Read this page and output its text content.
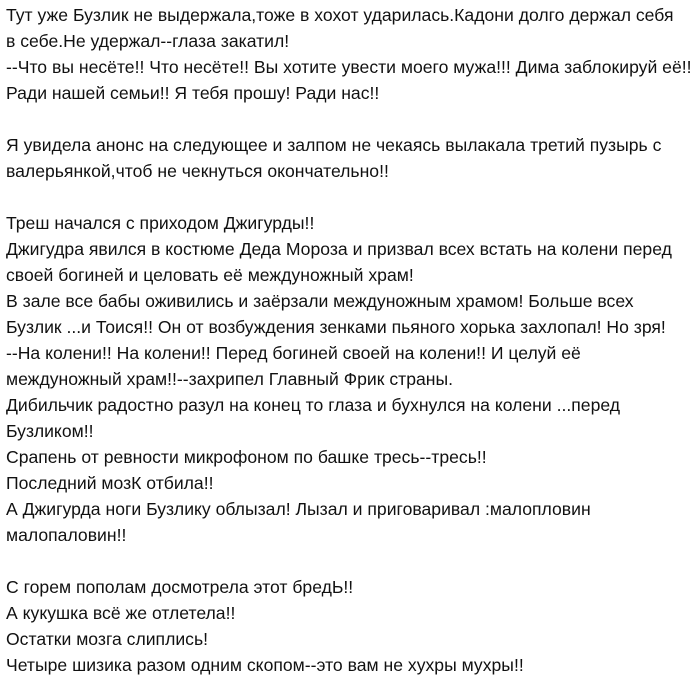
Тут уже Бузлик не выдержала,тоже в хохот ударилась.Кадони долго держал себя
в себе.Не удержал--глаза закатил!
--Что вы несёте!! Что несёте!! Вы хотите увести моего мужа!!! Дима заблокируй её!!
Ради нашей семьи!! Я тебя прошу! Ради нас!!
Я увидела анонс на следующее и залпом не чекаясь вылакала третий пузырь с
валерьянкой,чтоб не чекнуться окончательно!!
Треш начался с приходом Джигурды!!
Джигудра явился в костюме Деда Мороза и призвал всех встать на колени перед
своей богиней и целовать её междуножный храм!
В зале все бабы оживились и заёрзали междуножным храмом! Больше всех
Бузлик ...и Тоися!! Он от возбуждения зенками пьяного хорька захлопал! Но зря!
--На колени!! На колени!! Перед богиней своей на колени!! И целуй её
междуножный храм!!--захрипел Главный Фрик страны.
Дибильчик радостно разул на конец то глаза и бухнулся на колени ...перед
Бузликом!!
Срапень от ревности микрофоном по башке тресь--тресь!!
Последний мозК отбила!!
А Джигурда ноги Бузлику облызал! Лызал и приговаривал :малопловин
малопаловин!!
С горем пополам досмотрела этот бредЬ!!
А кукушка всё же отлетела!!
Остатки мозга слиплись!
Четыре шизика разом одним скопом--это вам не хухры мухры!!
